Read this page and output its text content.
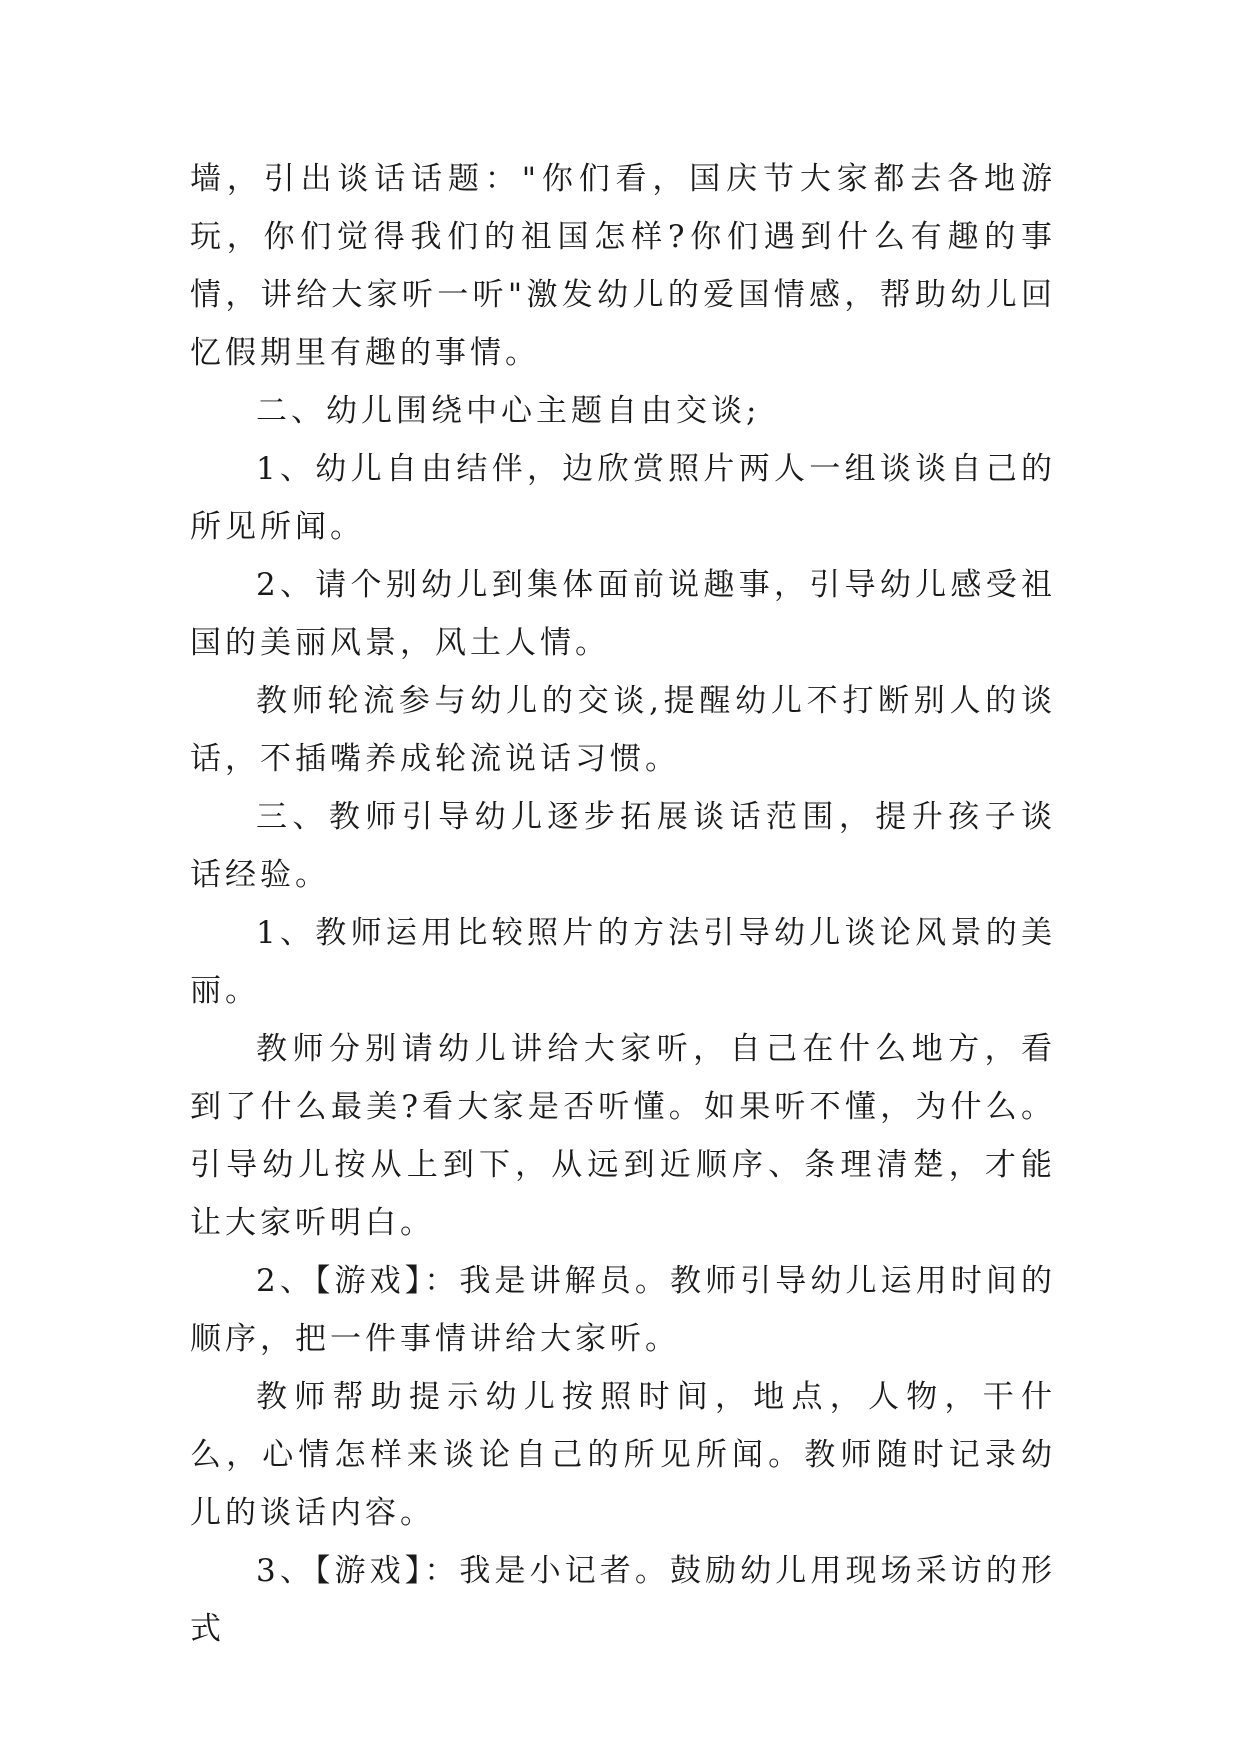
墙，引出谈话话题："你们看，国庆节大家都去各地游玩，你们觉得我们的祖国怎样?你们遇到什么有趣的事情，讲给大家听一听"激发幼儿的爱国情感，帮助幼儿回忆假期里有趣的事情。

二、幼儿围绕中心主题自由交谈;

1、幼儿自由结伴，边欣赏照片两人一组谈谈自己的所见所闻。

2、请个别幼儿到集体面前说趣事，引导幼儿感受祖国的美丽风景，风土人情。

教师轮流参与幼儿的交谈,提醒幼儿不打断别人的谈话，不插嘴养成轮流说话习惯。

三、教师引导幼儿逐步拓展谈话范围，提升孩子谈话经验。

1、教师运用比较照片的方法引导幼儿谈论风景的美丽。

教师分别请幼儿讲给大家听，自己在什么地方，看到了什么最美?看大家是否听懂。如果听不懂，为什么。引导幼儿按从上到下，从远到近顺序、条理清楚，才能让大家听明白。

2、【游戏】：我是讲解员。教师引导幼儿运用时间的顺序，把一件事情讲给大家听。

教师帮助提示幼儿按照时间，地点，人物，干什么，心情怎样来谈论自己的所见所闻。教师随时记录幼儿的谈话内容。

3、【游戏】：我是小记者。鼓励幼儿用现场采访的形式
